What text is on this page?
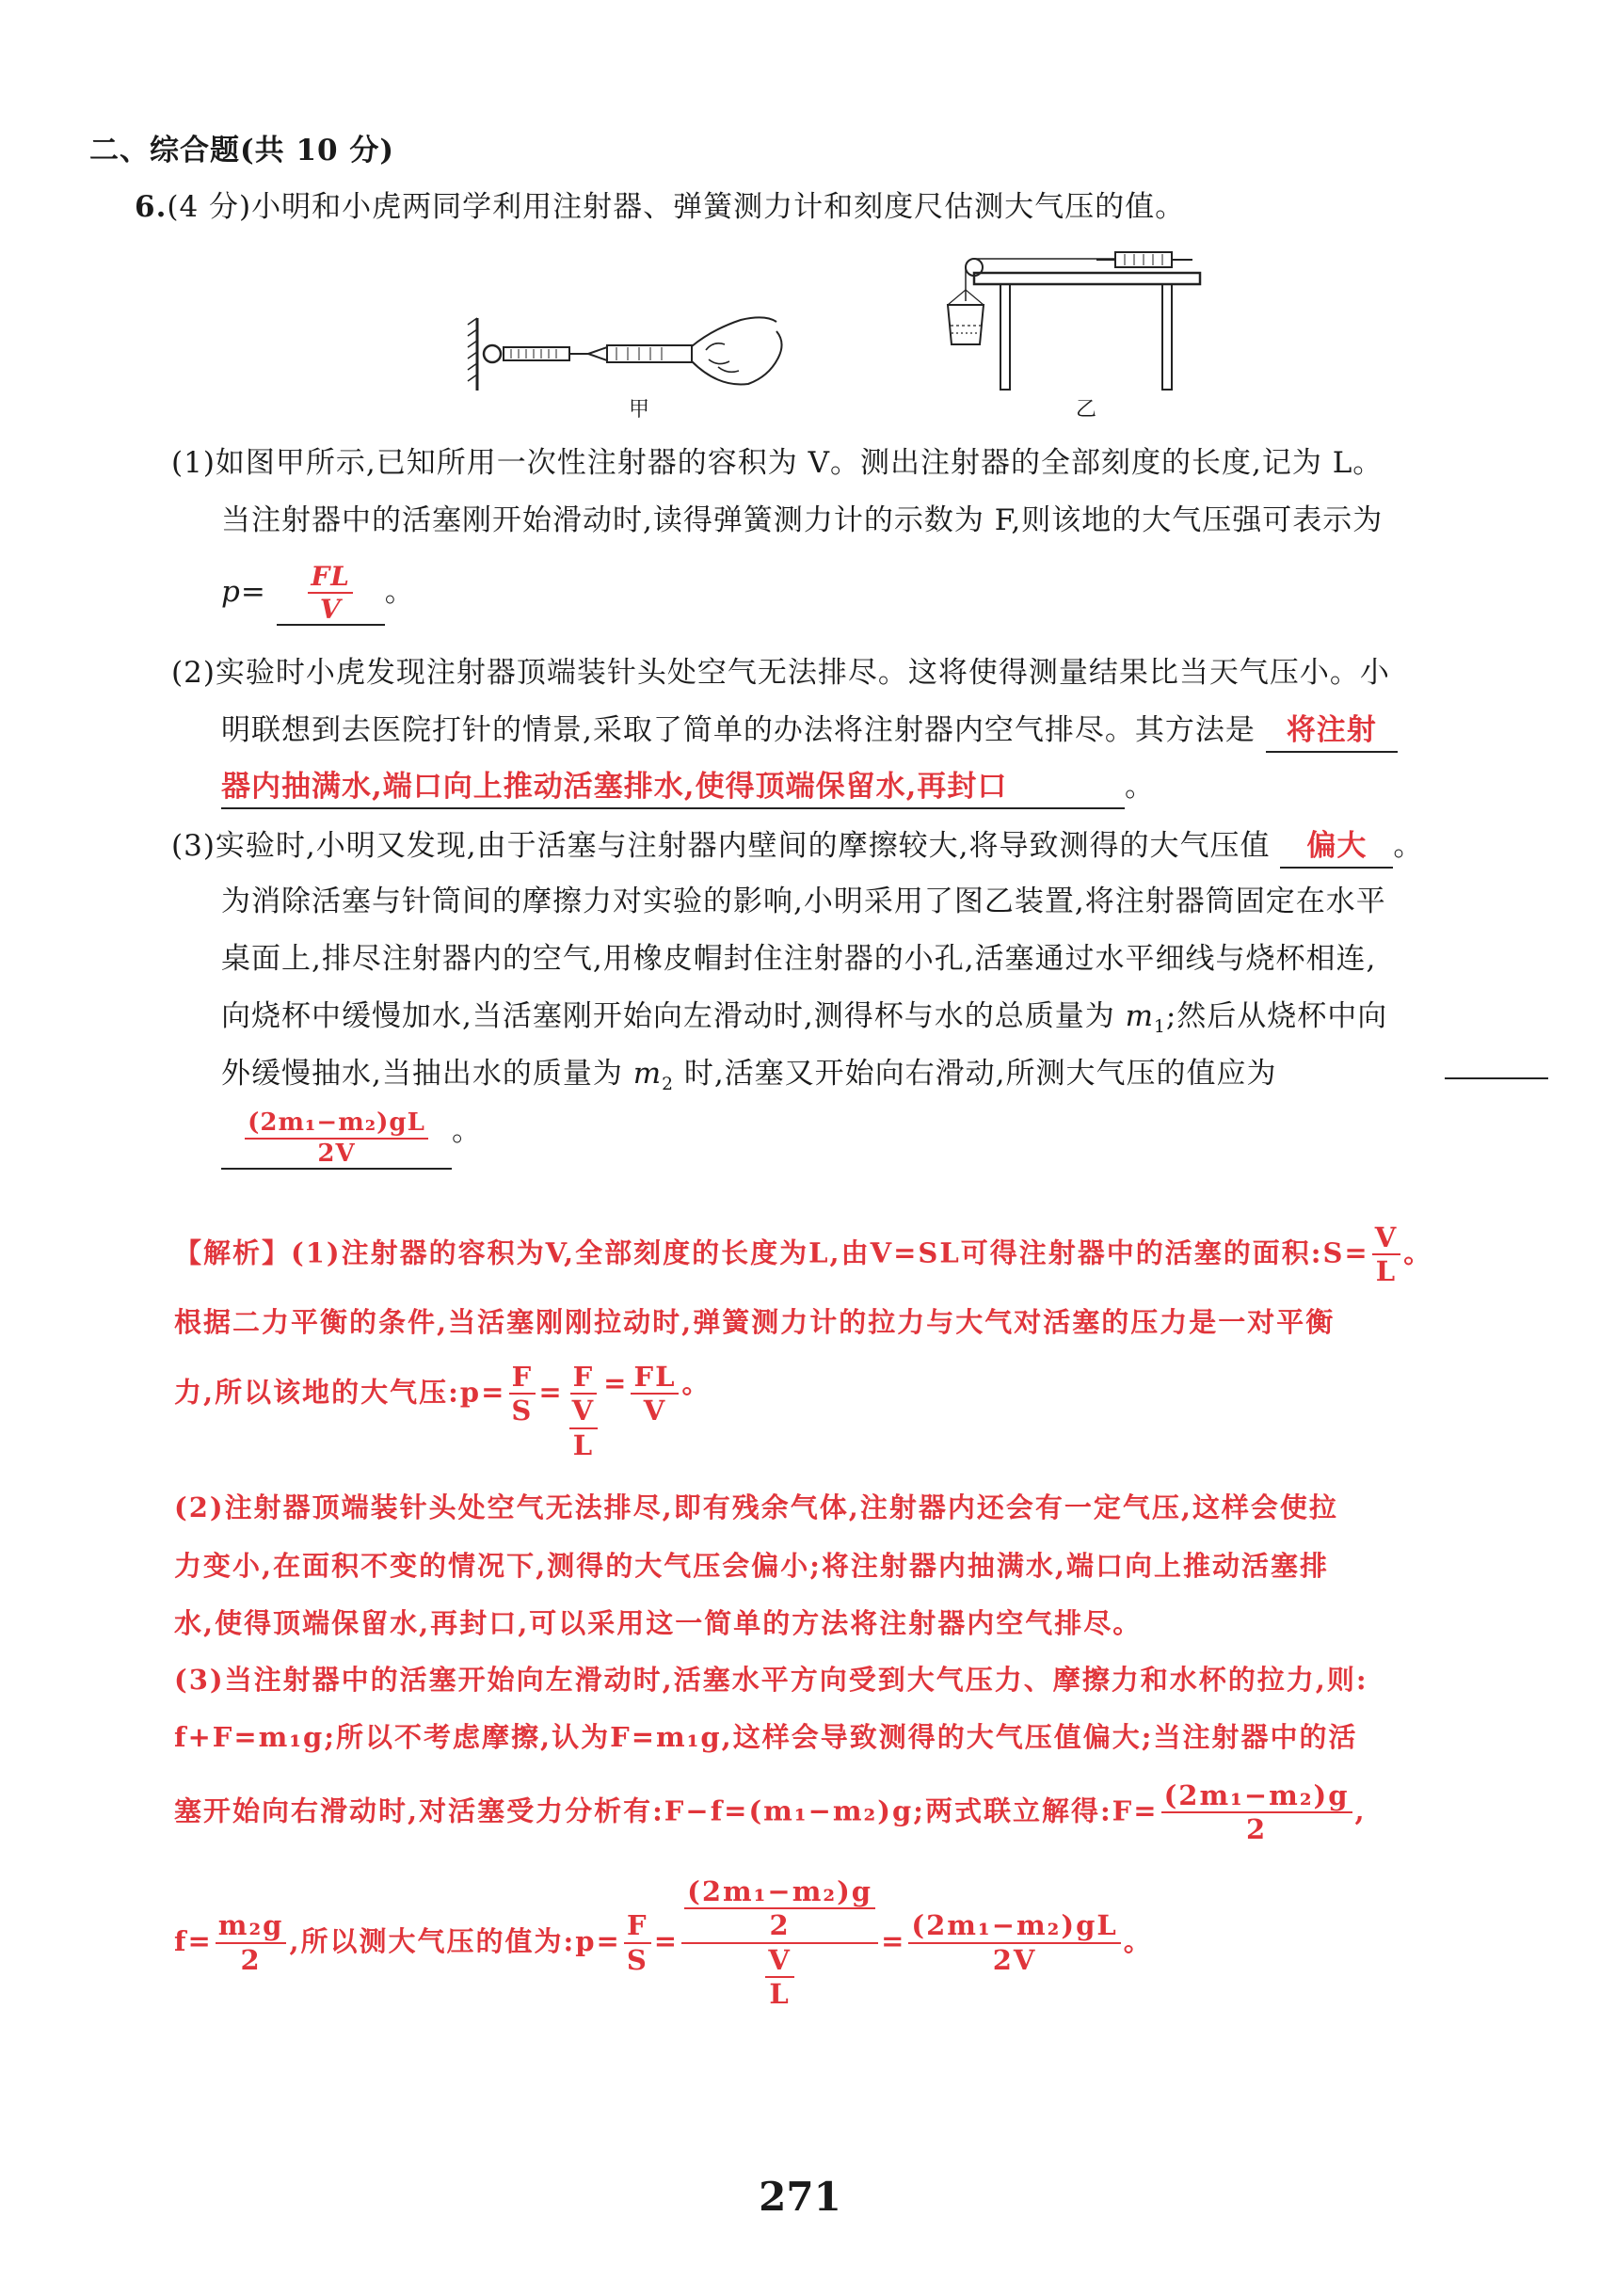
二、综合题(共 10 分)
6.(4 分)小明和小虎两同学利用注射器、弹簧测力计和刻度尺估测大气压的值。
甲	乙
(1)如图甲所示,已知所用一次性注射器的容积为 V。测出注射器的全部刻度的长度,记为 L。
当注射器中的活塞刚开始滑动时,读得弹簧测力计的示数为 F,则该地的大气压强可表示为
$p= \frac{FL}{V}$ 。
(2)实验时小虎发现注射器顶端装针头处空气无法排尽。这将使得测量结果比当天气压小。小
明联想到去医院打针的情景,采取了简单的办法将注射器内空气排尽。其方法是 将注射
器内抽满水,端口向上推动活塞排水,使得顶端保留水,再封口	。
(3)实验时,小明又发现,由于活塞与注射器内壁间的摩擦较大,将导致测得的大气压值 偏大 。
为消除活塞与针筒间的摩擦力对实验的影响,小明采用了图乙装置,将注射器筒固定在水平
桌面上,排尽注射器内的空气,用橡皮帽封住注射器的小孔,活塞通过水平细线与烧杯相连,
向烧杯中缓慢加水,当活塞刚开始向左滑动时,测得杯与水的总质量为 $m_1$;然后从烧杯中向
外缓慢抽水,当抽出水的质量为 $m_2$ 时,活塞又开始向右滑动,所测大气压的值应为
$\frac{\text{(2m₁−m₂)gL}}{2V}$ 。
【解析】(1)注射器的容积为V,全部刻度的长度为L,由V=SL可得注射器中的活塞的面积:S= $\frac{V}{L}$ 。
根据二力平衡的条件,当活塞刚刚拉动时,弹簧测力计的拉力与大气对活塞的压力是一对平衡
力,所以该地的大气压:p= $\frac{F}{S} = \frac{F}{\frac{V}{L}} = \frac{FL}{V}$ 。
(2)注射器顶端装针头处空气无法排尽,即有残余气体,注射器内还会有一定气压,这样会使拉
力变小,在面积不变的情况下,测得的大气压会偏小;将注射器内抽满水,端口向上推动活塞排
水,使得顶端保留水,再封口,可以采用这一简单的方法将注射器内空气排尽。
(3)当注射器中的活塞开始向左滑动时,活塞水平方向受到大气压力、摩擦力和水杯的拉力,则:
f+F=m₁g;所以不考虑摩擦,认为F=m₁g,这样会导致测得的大气压值偏大;当注射器中的活
塞开始向右滑动时,对活塞受力分析有:F−f=(m₁−m₂)g;两式联立解得:F= $\frac{\text{(2m₁−m₂)g}}{2}$ ,
$f= \frac{\text{m₂g}}{2}$ ,所以测大气压的值为:p= $\frac{F}{S} = \frac{\frac{\text{(2m₁−m₂)g}}{2}}{\frac{V}{L}} = \frac{\text{(2m₁−m₂)gL}}{2V}$ 。
271
